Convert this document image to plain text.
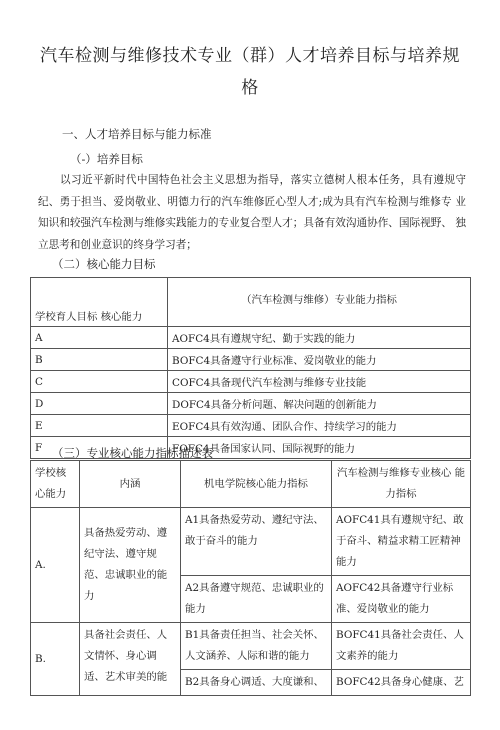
汽车检测与维修技术专业（群）人才培养目标与培养规格
一、人才培养目标与能力标准
（-）培养目标
以习近平新时代中国特色社会主义思想为指导，落实立德树人根本任务，具有遵规守 纪、勇于担当、爱岗敬业、明德力行的汽车维修匠心型人才;成为具有汽车检测与维修专 业知识和较强汽车检测与维修实践能力的专业复合型人才；具备有效沟通协作、国际视野、 独立思考和创业意识的终身学习者；
（二）核心能力目标
学校育人目标 核心能力	（汽车检测与维修）专业能力指标
A	AOFC4具有遵规守纪、勤于实践的能力
B	BOFC4具备遵守行业标准、爱岗敬业的能力
C	COFC4具备现代汽车检测与维修专业技能
D	DOFC4具备分析问题、解决问题的创新能力
E	EOFC4具有效沟通、团队合作、持续学习的能力
F	FOFC4具备国家认同、国际视野的能力
（三）专业核心能力指标描述表
学校核心能力	内涵	机电学院核心能力指标	汽车检测与维修专业核心 能力指标
A.	具备热爱劳动、遵纪守法、遵守规范、忠诚职业的能力	A1具备热爱劳动、遵纪守法、敢于奋斗的能力	AOFC41具有遵规守纪、敢 于奋斗、精益求精工匠精神 能力
		A2具备遵守规范、忠诚职业的能力	AOFC42具备遵守行业标准、爱岗敬业的能力
B.	具备社会责任、人文情怀、身心调适、艺术审美的能	B1具备责任担当、社会关怀、 人文涵养、人际和谐的能力	BOFC41具备社会责任、人文素养的能力
		B2具备身心调适、大度谦和、	BOFC42具备身心健康、艺
